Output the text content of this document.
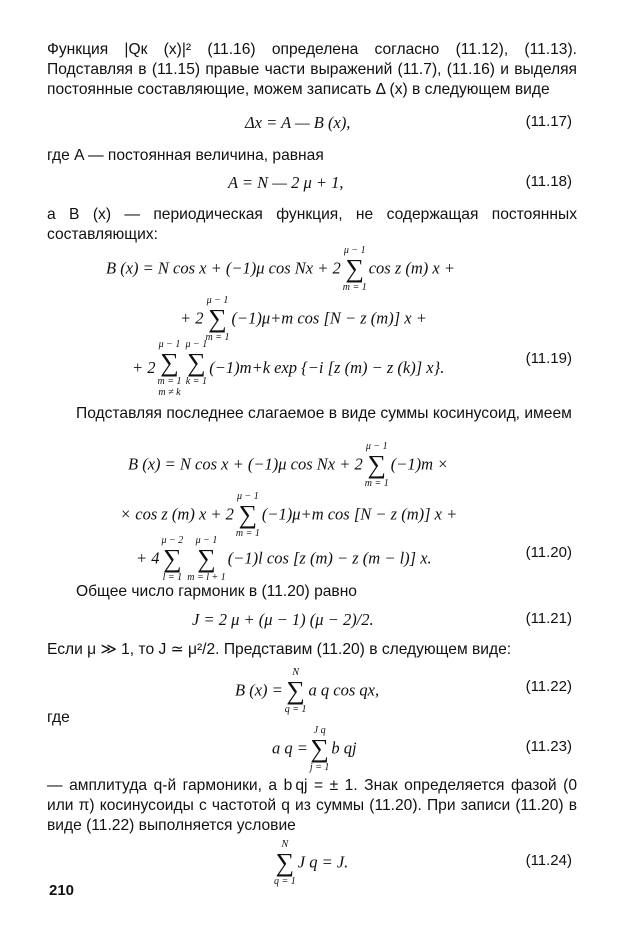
Функция |Qк (x)|² (11.16) определена согласно (11.12), (11.13). Подставляя в (11.15) правые части выражений (11.7), (11.16) и выделяя постоянные составляющие, можем записать Δ (x) в следующем виде

Δx = A — B (x),	(11.17)

где A — постоянная величина, равная

A = N — 2 μ + 1,	(11.18)

а B (x) — периодическая функция, не содержащая постоянных составляющих:

B (x) = N cos x + (−1)μ cos Nx + 2
μ − 1
∑
m = 1
cos z (m) x +
+ 2
μ − 1
∑
m = 1
(−1)μ+m cos [N − z (m)] x +
+ 2
μ − 1
∑
m = 1
m ≠ k
μ − 1
∑
k = 1

(−1)m+k exp {−i [z (m) − z (k)] x}.	(11.19)

Подставляя последнее слагаемое в виде суммы косинусоид, имеем

B (x) = N cos x + (−1)μ cos Nx + 2
μ − 1
∑
m = 1
(−1)m ×
× cos z (m) x + 2
μ − 1
∑
m = 1
(−1)μ+m cos [N − z (m)] x +
+ 4
μ − 2
∑
l = 1
μ − 1
∑
m = l + 1
(−1)l cos [z (m) − z (m − l)] x.	(11.20)

Общее число гармоник в (11.20) равно

J = 2 μ + (μ − 1) (μ − 2)/2.	(11.21)

Если μ ≫ 1, то J ≃ μ²/2. Представим (11.20) в следующем виде:

B (x) =
N
∑
q = 1
a q cos qx,	(11.22)

где

a q =
J q
∑
j = 1
b qj	(11.23)

— амплитуда q-й гармоники, a b qj = ± 1. Знак определяется фазой (0 или π) косинусоиды с частотой q из суммы (11.20). При записи (11.20) в виде (11.22) выполняется условие

N
∑
q = 1
J q = J.	(11.24)
210
